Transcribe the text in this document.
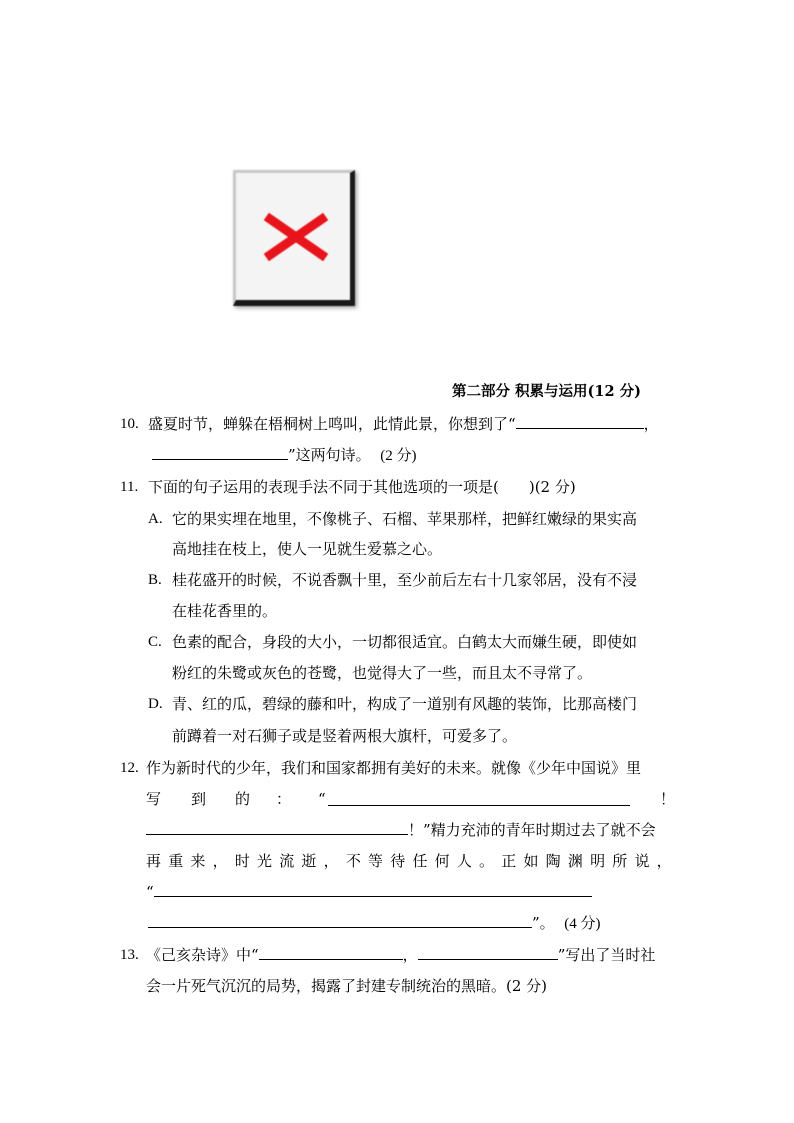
第二部分 积累与运用(12 分)
10. 盛夏时节，蝉躲在梧桐树上鸣叫，此情此景，你想到了“	，
”这两句诗。 (2 分)
11. 下面的句子运用的表现手法不同于其他选项的一项是(　　)(2 分)
A. 它的果实埋在地里，不像桃子、石榴、苹果那样，把鲜红嫩绿的果实高
高地挂在枝上，使人一见就生爱慕之心。
B. 桂花盛开的时候，不说香飘十里，至少前后左右十几家邻居，没有不浸
在桂花香里的。
C. 色素的配合，身段的大小，一切都很适宜。白鹤太大而嫌生硬，即使如
粉红的朱鹭或灰色的苍鹭，也觉得大了一些，而且太不寻常了。
D. 青、红的瓜，碧绿的藤和叶，构成了一道别有风趣的装饰，比那高楼门
前蹲着一对石狮子或是竖着两根大旗杆，可爱多了。
12. 作为新时代的少年，我们和国家都拥有美好的未来。就像《少年中国说》里
写 到 的 ： “	！
！”精力充沛的青年时期过去了就不会
再 重 来 ， 时 光 流 逝 ， 不 等 待 任 何 人 。 正 如 陶 渊 明 所 说 ，
“
”。 (4 分)
13. 《己亥杂诗》中“	，	”写出了当时社
会一片死气沉沉的局势，揭露了封建专制统治的黑暗。(2 分)
